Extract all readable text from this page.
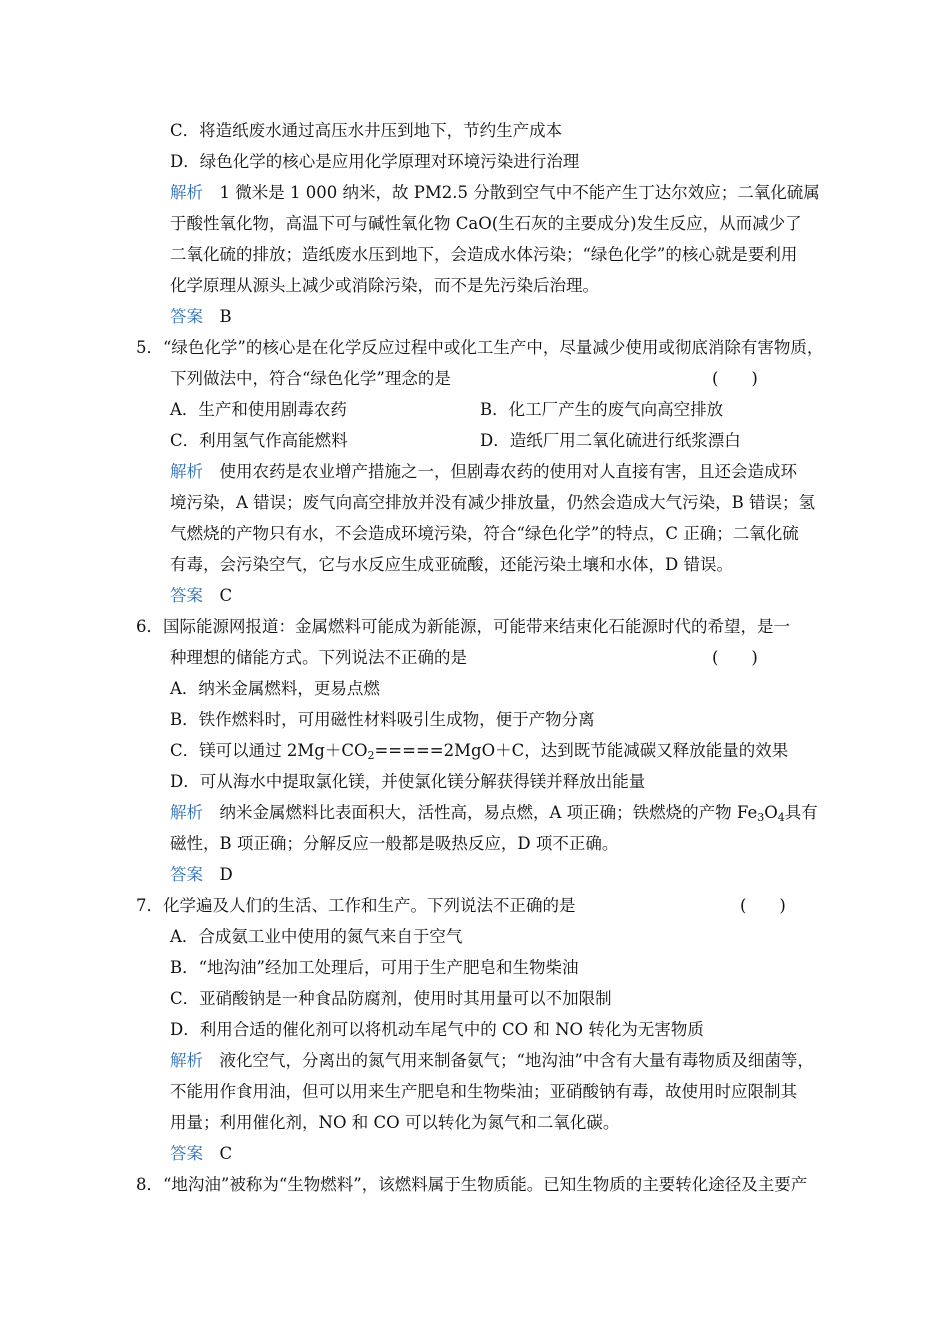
C．将造纸废水通过高压水井压到地下，节约生产成本
D．绿色化学的核心是应用化学原理对环境污染进行治理
解析　 1 微米是 1 000 纳米，故 PM2.5 分散到空气中不能产生丁达尔效应；二氧化硫属
于酸性氧化物，高温下可与碱性氧化物 CaO(生石灰的主要成分)发生反应，从而减少了
二氧化硫的排放；造纸废水压到地下，会造成水体污染；“绿色化学”的核心就是要利用
化学原理从源头上减少或消除污染，而不是先污染后治理。
答案　 B
5．“绿色化学”的核心是在化学反应过程中或化工生产中，尽量减少使用或彻底消除有害物质，
下列做法中，符合“绿色化学”理念的是	(　　)
A．生产和使用剧毒农药	B．化工厂产生的废气向高空排放
C．利用氢气作高能燃料	D．造纸厂用二氧化硫进行纸浆漂白
解析　 使用农药是农业增产措施之一，但剧毒农药的使用对人直接有害，且还会造成环
境污染，A 错误；废气向高空排放并没有减少排放量，仍然会造成大气污染，B 错误；氢
气燃烧的产物只有水，不会造成环境污染，符合“绿色化学”的特点，C 正确；二氧化硫
有毒，会污染空气，它与水反应生成亚硫酸，还能污染土壤和水体，D 错误。
答案　 C
6．国际能源网报道：金属燃料可能成为新能源，可能带来结束化石能源时代的希望，是一
种理想的储能方式。下列说法不正确的是	(　　)
A．纳米金属燃料，更易点燃
B．铁作燃料时，可用磁性材料吸引生成物，便于产物分离
C．镁可以通过 $2Mg+CO_2=====2MgO+C$，达到既节能减碳又释放能量的效果
D．可从海水中提取氯化镁，并使氯化镁分解获得镁并释放出能量
解析　 纳米金属燃料比表面积大，活性高，易点燃，A 项正确；铁燃烧的产物 $Fe_3O_4$具有
磁性，B 项正确；分解反应一般都是吸热反应，D 项不正确。
答案　 D
7．化学遍及人们的生活、工作和生产。下列说法不正确的是	(　　)
A．合成氨工业中使用的氮气来自于空气
B．“地沟油”经加工处理后，可用于生产肥皂和生物柴油
C．亚硝酸钠是一种食品防腐剂，使用时其用量可以不加限制
D．利用合适的催化剂可以将机动车尾气中的 CO 和 NO 转化为无害物质
解析　 液化空气，分离出的氮气用来制备氨气；“地沟油”中含有大量有毒物质及细菌等，
不能用作食用油，但可以用来生产肥皂和生物柴油；亚硝酸钠有毒，故使用时应限制其
用量；利用催化剂，NO 和 CO 可以转化为氮气和二氧化碳。
答案　 C
8．“地沟油”被称为“生物燃料”，该燃料属于生物质能。已知生物质的主要转化途径及主要产
